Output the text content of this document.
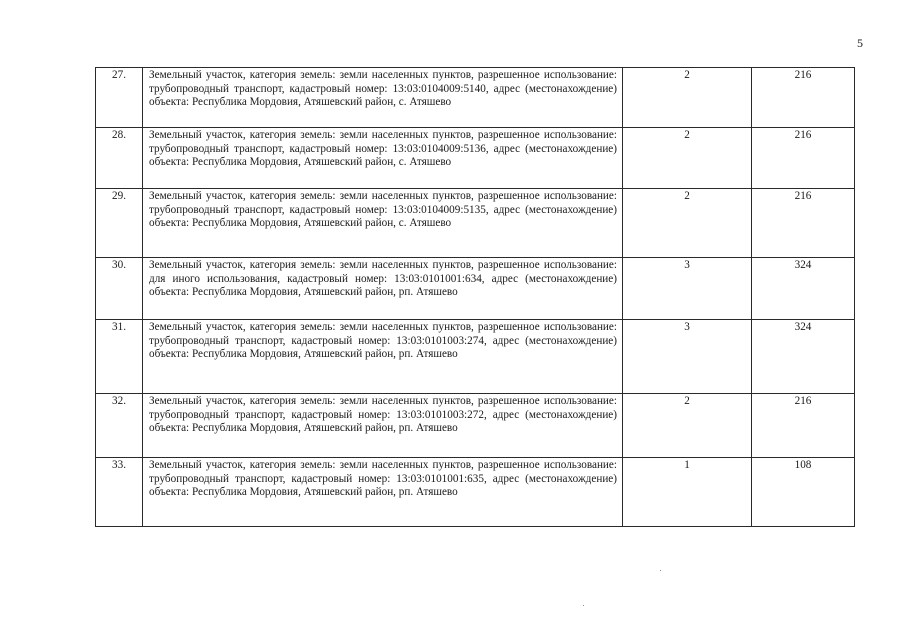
5
27.	Земельный участок, категория земель: земли населенных пунктов, разрешенное использование: трубопроводный транспорт, кадастровый номер: 13:03:0104009:5140, адрес (местонахождение) объекта: Республика Мордовия, Атяшевский район, с. Атяшево	2	216
28.	Земельный участок, категория земель: земли населенных пунктов, разрешенное использование: трубопроводный транспорт, кадастровый номер: 13:03:0104009:5136, адрес (местонахождение) объекта: Республика Мордовия, Атяшевский район, с. Атяшево	2	216
29.	Земельный участок, категория земель: земли населенных пунктов, разрешенное использование: трубопроводный транспорт, кадастровый номер: 13:03:0104009:5135, адрес (местонахождение) объекта: Республика Мордовия, Атяшевский район, с. Атяшево	2	216
30.	Земельный участок, категория земель: земли населенных пунктов, разрешенное использование: для иного использования, кадастровый номер: 13:03:0101001:634, адрес (местонахождение) объекта: Республика Мордовия, Атяшевский район, рп. Атяшево	3	324
31.	Земельный участок, категория земель: земли населенных пунктов, разрешенное использование: трубопроводный транспорт, кадастровый номер: 13:03:0101003:274, адрес (местонахождение) объекта: Республика Мордовия, Атяшевский район, рп. Атяшево	3	324
32.	Земельный участок, категория земель: земли населенных пунктов, разрешенное использование: трубопроводный транспорт, кадастровый номер: 13:03:0101003:272, адрес (местонахождение) объекта: Республика Мордовия, Атяшевский район, рп. Атяшево	2	216
33.	Земельный участок, категория земель: земли населенных пунктов, разрешенное использование: трубопроводный транспорт, кадастровый номер: 13:03:0101001:635, адрес (местонахождение) объекта: Республика Мордовия, Атяшевский район, рп. Атяшево	1	108
